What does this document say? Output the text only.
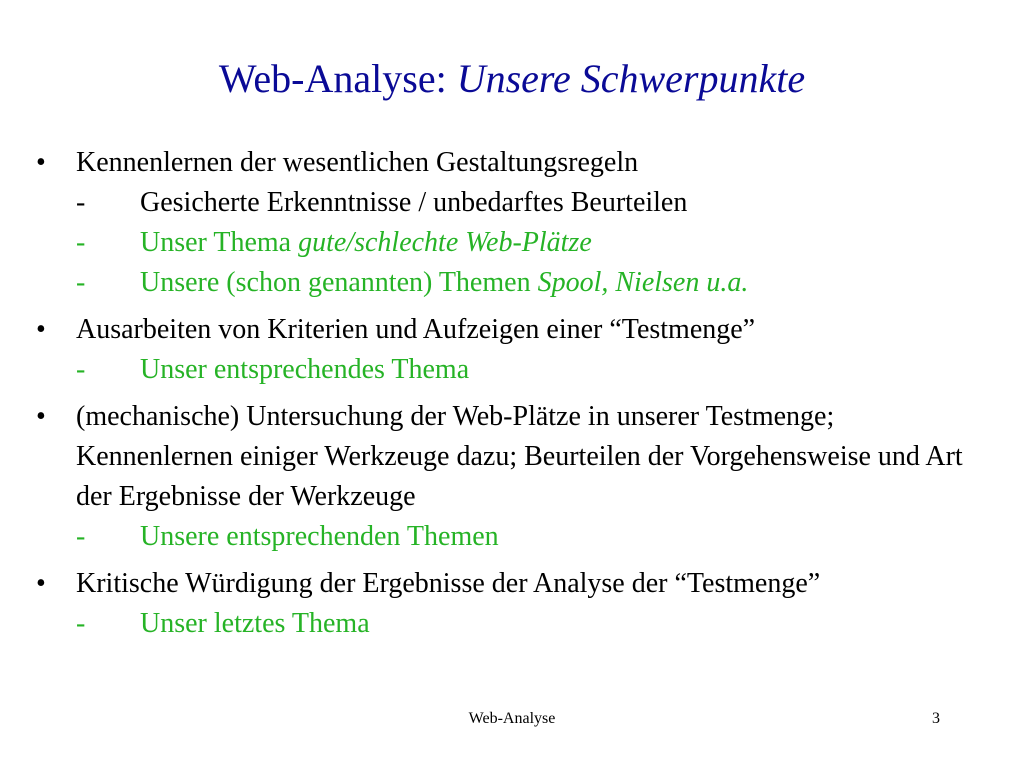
Web-Analyse: Unsere Schwerpunkte
•	Kennenlernen der wesentlichen Gestaltungsregeln
- Gesicherte Erkenntnisse / unbedarftes Beurteilen
- Unser Thema gute/schlechte Web-Plätze
- Unsere (schon genannten) Themen Spool, Nielsen u.a.
•	Ausarbeiten von Kriterien und Aufzeigen einer “Testmenge”
- Unser entsprechendes Thema
•	(mechanische) Untersuchung der Web-Plätze in unserer Testmenge; Kennenlernen einiger Werkzeuge dazu; Beurteilen der Vorgehensweise und Art der Ergebnisse der Werkzeuge
- Unsere entsprechenden Themen
•	Kritische Würdigung der Ergebnisse der Analyse der “Testmenge”
- Unser letztes Thema
Web-Analyse	3
